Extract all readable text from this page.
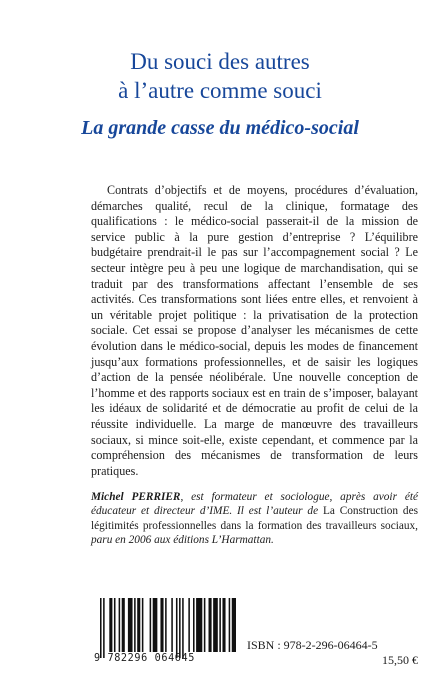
Du souci des autres
à l’autre comme souci
La grande casse du médico-social

Contrats d’objectifs et de moyens, procédures d’évaluation, démarches qualité, recul de la clinique, formatage des qualifications : le médico-social passerait-il de la mission de service public à la pure gestion d’entreprise ? L’équilibre budgétaire prendrait-il le pas sur l’accompagnement social ? Le secteur intègre peu à peu une logique de marchandisation, qui se traduit par des transformations affectant l’ensemble de ses activités. Ces transformations sont liées entre elles, et renvoient à un véritable projet politique : la privatisation de la protection sociale. Cet essai se propose d’analyser les mécanismes de cette évolution dans le médico-social, depuis les modes de financement jusqu’aux formations professionnelles, et de saisir les logiques d’action de la pensée néolibérale. Une nouvelle conception de l’homme et des rapports sociaux est en train de s’imposer, balayant les idéaux de solidarité et de démocratie au profit de celui de la réussite individuelle. La marge de manœuvre des travailleurs sociaux, si mince soit-elle, existe cependant, et commence par la compréhension des mécanismes de transformation de leurs pratiques.

Michel PERRIER, est formateur et sociologue, après avoir été éducateur et directeur d’IME. Il est l’auteur de La Construction des légitimités professionnelles dans la formation des travailleurs sociaux, paru en 2006 aux éditions L’Harmattan.

9 782296 064645

ISBN : 978-2-296-06464-5

15,50 €
